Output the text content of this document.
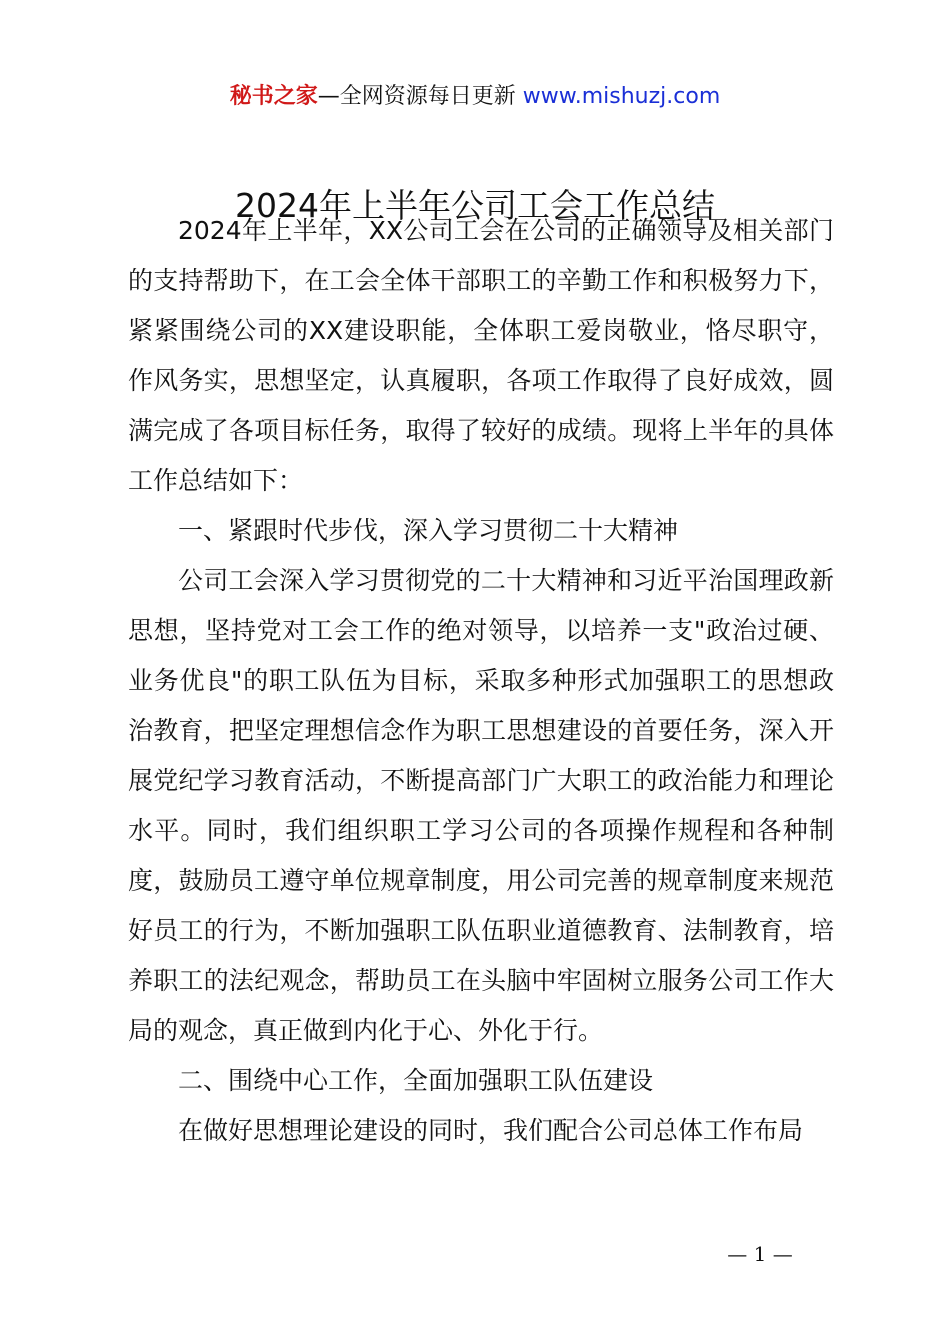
秘书之家—全网资源每日更新 www.mishuzj.com
2024年上半年公司工会工作总结

2024年上半年，XX公司工会在公司的正确领导及相关部门的支持帮助下，在工会全体干部职工的辛勤工作和积极努力下，紧紧围绕公司的XX建设职能，全体职工爱岗敬业，恪尽职守，作风务实，思想坚定，认真履职，各项工作取得了良好成效，圆满完成了各项目标任务，取得了较好的成绩。现将上半年的具体工作总结如下：

一、紧跟时代步伐，深入学习贯彻二十大精神

公司工会深入学习贯彻党的二十大精神和习近平治国理政新思想，坚持党对工会工作的绝对领导，以培养一支"政治过硬、业务优良"的职工队伍为目标，采取多种形式加强职工的思想政治教育，把坚定理想信念作为职工思想建设的首要任务，深入开展党纪学习教育活动，不断提高部门广大职工的政治能力和理论水平。同时，我们组织职工学习公司的各项操作规程和各种制度，鼓励员工遵守单位规章制度，用公司完善的规章制度来规范好员工的行为，不断加强职工队伍职业道德教育、法制教育，培养职工的法纪观念，帮助员工在头脑中牢固树立服务公司工作大局的观念，真正做到内化于心、外化于行。

二、围绕中心工作，全面加强职工队伍建设

在做好思想理论建设的同时，我们配合公司总体工作布局

— 1 —
